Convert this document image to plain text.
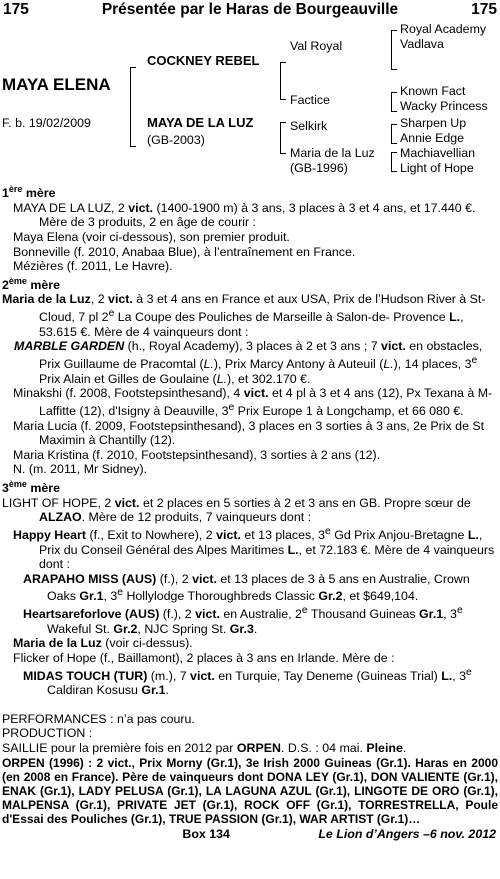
175	Présentée par le Haras de Bourgeauville	175
MAYA ELENA
F. b. 19/02/2009
COCKNEY REBEL
MAYA DE LA LUZ
(GB-2003)
Val Royal
Factice
Selkirk
Maria de la Luz
(GB-1996)
Royal Academy
Vadlava
Known Fact
Wacky Princess
Sharpen Up
Annie Edge
Machiavellian
Light of Hope
1ère mère

MAYA DE LA LUZ, 2 vict. (1400-1900 m) à 3 ans, 3 places à 3 et 4 ans, et 17.440 €. Mère de 3 produits, 2 en âge de courir :

Maya Elena (voir ci-dessous), son premier produit.

Bonneville (f. 2010, Anabaa Blue), à l’entraînement en France.

Mézières (f. 2011, Le Havre).

2ème mère

Maria de la Luz, 2 vict. à 3 et 4 ans en France et aux USA, Prix de l’Hudson River à St-Cloud, 7 pl 2e La Coupe des Pouliches de Marseille à Salon-de- Provence L., 53.615 €. Mère de 4 vainqueurs dont :

MARBLE GARDEN (h., Royal Academy), 3 places à 2 et 3 ans ; 7 vict. en obstacles, Prix Guillaume de Pracomtal (L.), Prix Marcy Antony à Auteuil (L.), 14 places, 3e Prix Alain et Gilles de Goulaine (L.), et 302.170 €.

Minakshi (f. 2008, Footstepsinthesand), 4 vict. et 4 pl à 3 et 4 ans (12), Px Texana à M-Laffitte (12), d'Isigny à Deauville, 3e Prix Europe 1 à Longchamp, et 66 080 €.

Maria Lucia (f. 2009, Footstepsinthesand), 3 places en 3 sorties à 3 ans, 2e Prix de St Maximin à Chantilly (12).

Maria Kristina (f. 2010, Footstepsinthesand), 3 sorties à 2 ans (12).

N. (m. 2011, Mr Sidney).

3ème mère

LIGHT OF HOPE, 2 vict. et 2 places en 5 sorties à 2 et 3 ans en GB. Propre sœur de ALZAO. Mère de 12 produits, 7 vainqueurs dont :

Happy Heart (f., Exit to Nowhere), 2 vict. et 13 places, 3e Gd Prix Anjou-Bretagne L., Prix du Conseil Général des Alpes Maritimes L., et 72.183 €. Mère de 4 vainqueurs dont :

ARAPAHO MISS (AUS) (f.), 2 vict. et 13 places de 3 à 5 ans en Australie, Crown Oaks Gr.1, 3e Hollylodge Thoroughbreds Classic Gr.2, et $649,104.

Heartsareforlove (AUS) (f.), 2 vict. en Australie, 2e Thousand Guineas Gr.1, 3e Wakeful St. Gr.2, NJC Spring St. Gr.3.

Maria de la Luz (voir ci-dessus).

Flicker of Hope (f., Baillamont), 2 places à 3 ans en Irlande. Mère de :

MIDAS TOUCH (TUR) (m.), 7 vict. en Turquie, Tay Deneme (Guineas Trial) L., 3e Caldiran Kosusu Gr.1.

PERFORMANCES : n’a pas couru.

PRODUCTION :

SAILLIE pour la première fois en 2012 par ORPEN. D.S. : 04 mai. Pleine.

ORPEN (1996) : 2 vict., Prix Morny (Gr.1), 3e Irish 2000 Guineas (Gr.1). Haras en 2000 (en 2008 en France). Père de vainqueurs dont DONA LEY (Gr.1), DON VALIENTE (Gr.1), ENAK (Gr.1), LADY PELUSA (Gr.1), LA LAGUNA AZUL (Gr.1), LINGOTE DE ORO (Gr.1), MALPENSA (Gr.1), PRIVATE JET (Gr.1), ROCK OFF (Gr.1), TORRESTRELLA, Poule d'Essai des Pouliches (Gr.1), TRUE PASSION (Gr.1), WAR ARTIST (Gr.1)…

Box 134	Le Lion d’Angers –6 nov. 2012
